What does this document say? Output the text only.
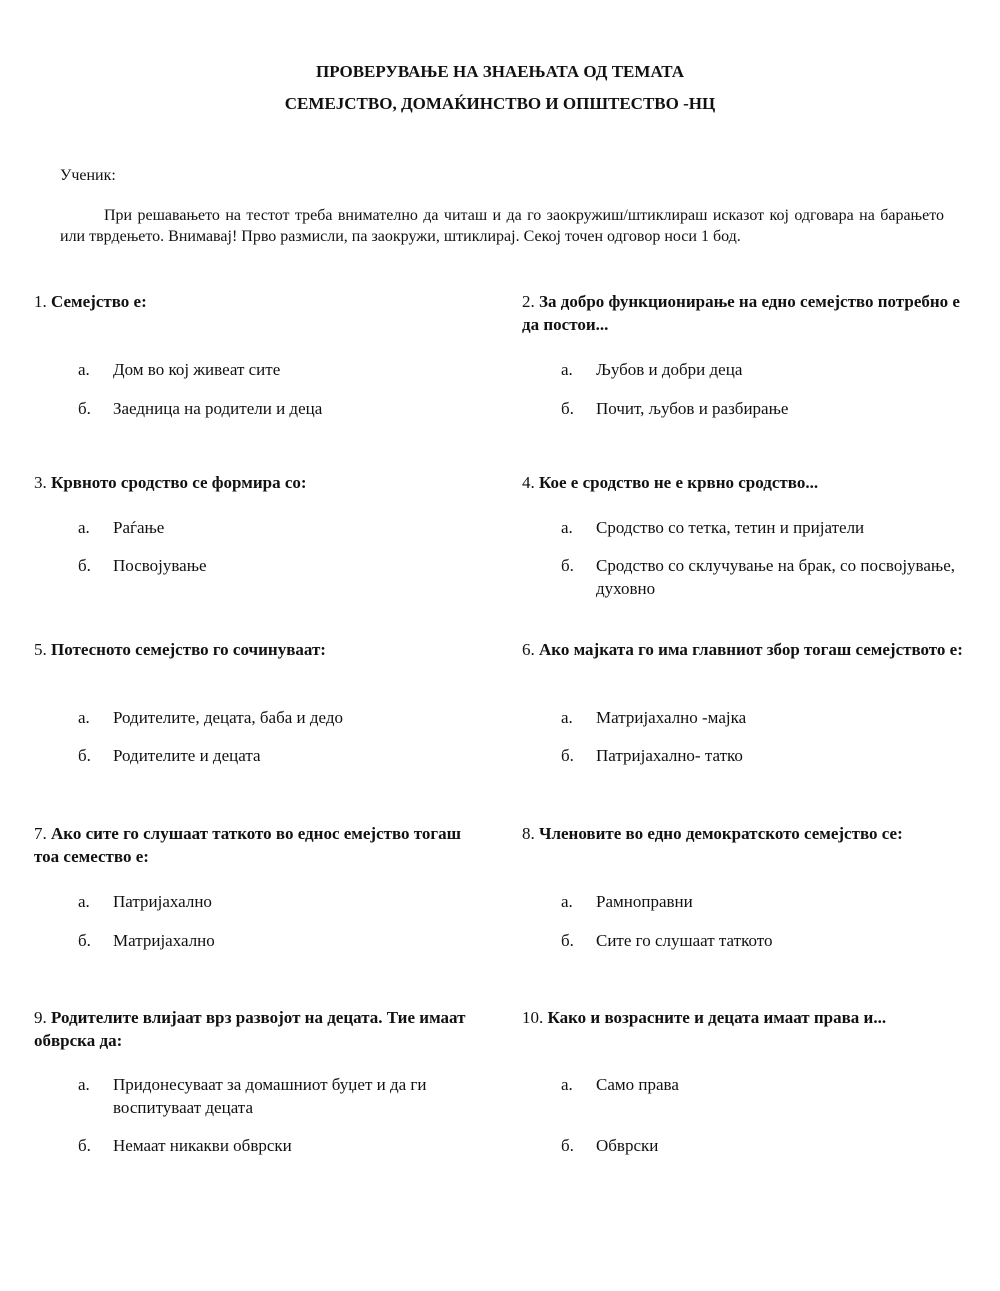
ПРОВЕРУВАЊЕ НА ЗНАЕЊАТА ОД ТЕМАТА
СЕМЕЈСТВО, ДОМАЌИНСТВО И ОПШТЕСТВО -НЦ
Ученик:
При решавањето на тестот треба внимателно да читаш и да го заокружиш/штиклираш исказот кој одговара на барањето или тврдењето. Внимавај! Прво размисли, па заокружи, штиклирај. Секој точен одговор носи 1 бод.
1. Семејство е:
а.	Дом во кој живеат сите
б.	Заедница на родители и деца
2. За добро функционирање на едно семејство потребно е да постои...
а.	Љубов и добри деца
б.	Почит, љубов и разбирање
3. Крвното сродство се формира со:
а.	Раѓање
б.	Посвојување
4. Кое е сродство не е крвно сродство...
а.	Сродство со тетка, тетин и пријатели
б.	Сродство со склучување на брак, со посвојување, духовно
5. Потесното семејство го сочинуваат:
а.	Родителите, децата, баба и дедо
б.	Родителите и децата
6. Ако мајката го има главниот збор тогаш семејството е:
а.	Матријахално -мајка
б.	Патријахално- татко
7. Ако сите го слушаат таткото во еднос емејство тогаш тоа семество е:
а.	Патријахално
б.	Матријахално
8. Членовите во едно демократското семејство се:
а.	Рамноправни
б.	Сите го слушаат таткото
9. Родителите влијаат врз развојот на децата. Тие имаат обврска да:
а.	Придонесуваат за домашниот буџет и да ги воспитуваат децата
б.	Немаат никакви обврски
10. Како и возрасните и децата имаат права и...
а.	Само права
б.	Обврски
